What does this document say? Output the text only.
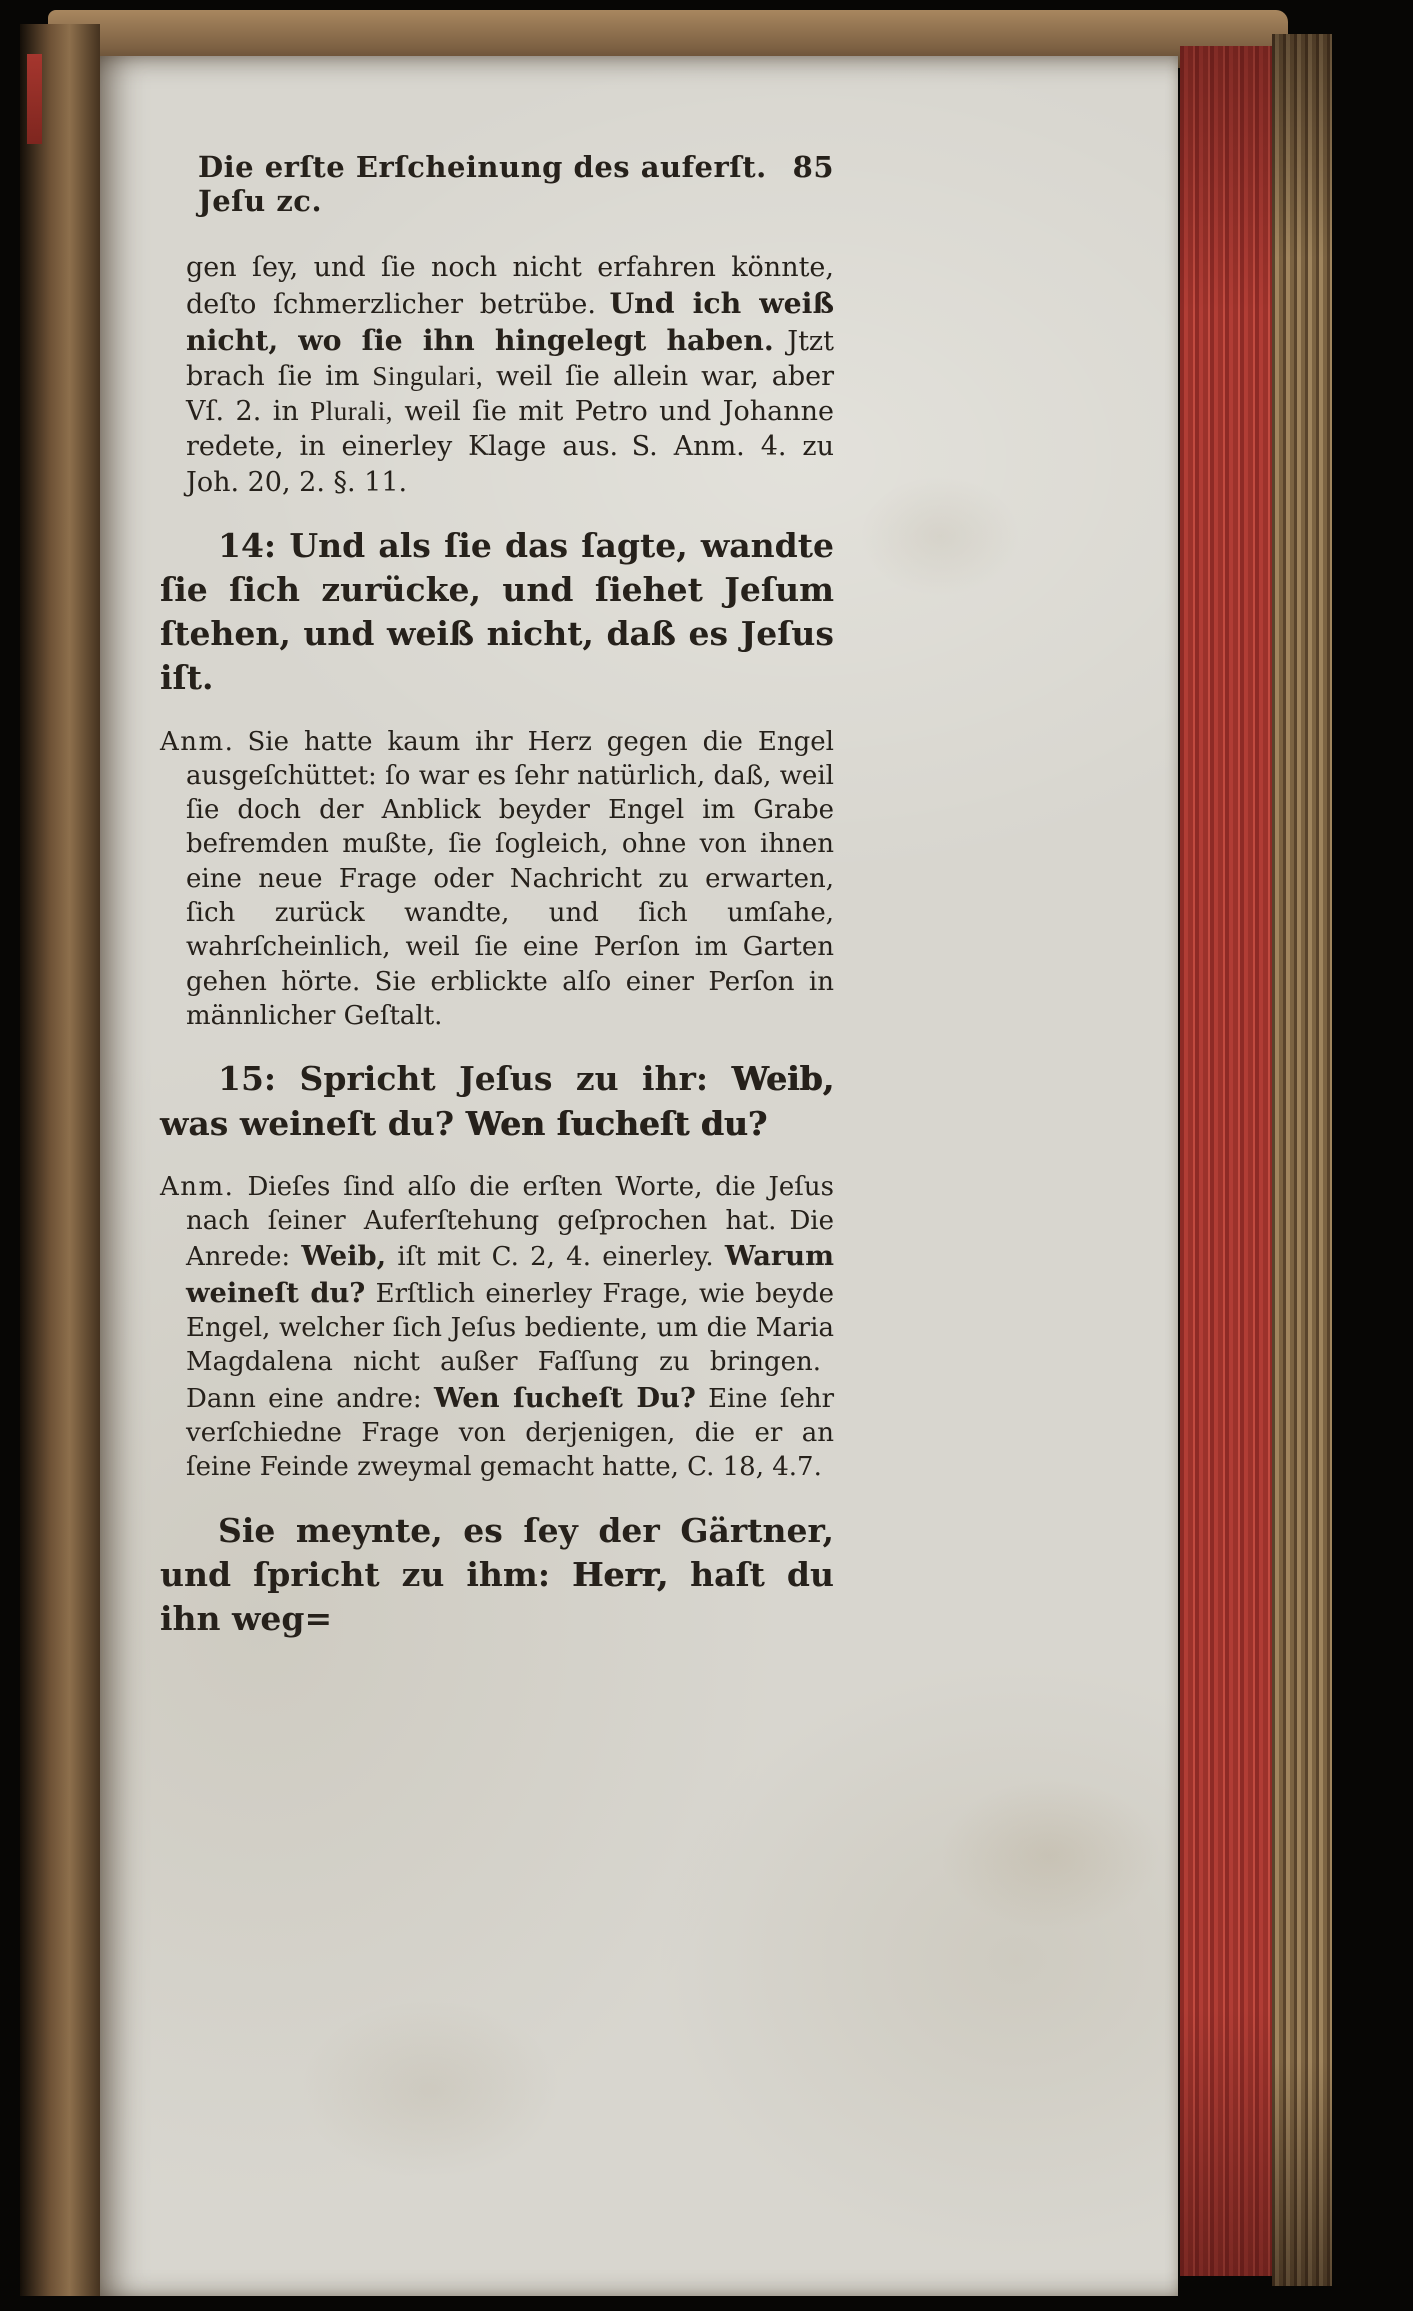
Die erſte Erſcheinung des auferſt. Jeſu zc.
85

gen ſey, und ſie noch nicht erfahren könnte, deſto ſchmerzlicher betrübe. Und ich weiß nicht, wo ſie ihn hingelegt haben. Jtzt brach ſie im Singulari, weil ſie allein war, aber Vſ. 2. in Plurali, weil ſie mit Petro und Johanne redete, in einerley Klage aus. S. Anm. 4. zu Joh. 20, 2. §. 11.

14: Und als ſie das ſagte, wandte ſie ſich zurücke, und ſiehet Jeſum ſtehen, und weiß nicht, daß es Jeſus iſt.

Anm. Sie hatte kaum ihr Herz gegen die Engel ausgeſchüttet: ſo war es ſehr natürlich, daß, weil ſie doch der Anblick beyder Engel im Grabe befremden mußte, ſie ſogleich, ohne von ihnen eine neue Frage oder Nachricht zu erwarten, ſich zurück wandte, und ſich umſahe, wahrſcheinlich, weil ſie eine Perſon im Garten gehen hörte. Sie erblickte alſo einer Perſon in männlicher Geſtalt.

15: Spricht Jeſus zu ihr: Weib, was weineſt du? Wen ſucheſt du?

Anm. Dieſes ſind alſo die erſten Worte, die Jeſus nach ſeiner Auferſtehung geſprochen hat. Die Anrede: Weib, iſt mit C. 2, 4. einerley. Warum weineſt du? Erſtlich einerley Frage, wie beyde Engel, welcher ſich Jeſus bediente, um die Maria Magdalena nicht außer Faſſung zu bringen. Dann eine andre: Wen ſucheſt Du? Eine ſehr verſchiedne Frage von derjenigen, die er an ſeine Feinde zweymal gemacht hatte, C. 18, 4.7.

Sie meynte, es ſey der Gärtner, und ſpricht zu ihm: Herr, haſt du ihn weg=
